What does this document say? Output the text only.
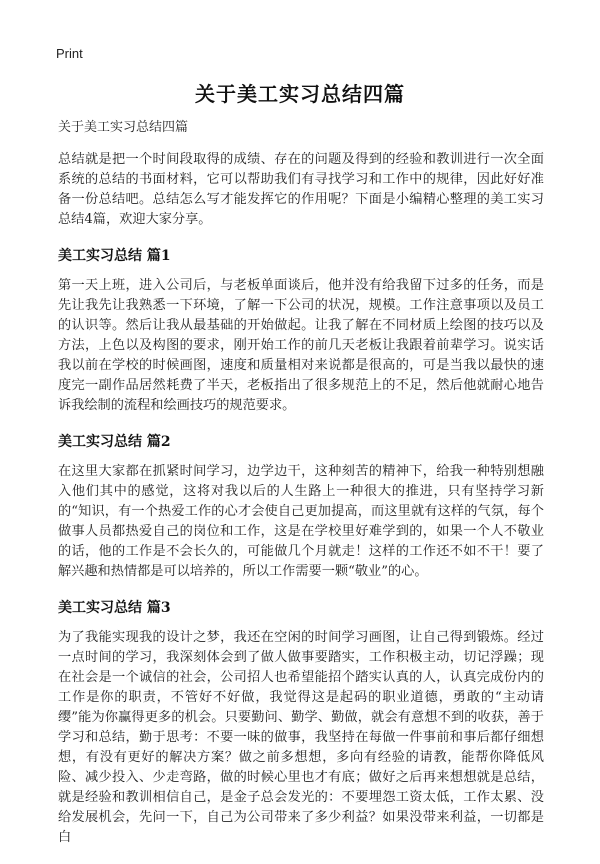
Print
关于美工实习总结四篇

关于美工实习总结四篇

总结就是把一个时间段取得的成绩、存在的问题及得到的经验和教训进行一次全面系统的总结的书面材料，它可以帮助我们有寻找学习和工作中的规律，因此好好准备一份总结吧。总结怎么写才能发挥它的作用呢？下面是小编精心整理的美工实习总结4篇，欢迎大家分享。

美工实习总结 篇1

第一天上班，进入公司后，与老板单面谈后，他并没有给我留下过多的任务，而是先让我先让我熟悉一下环境，了解一下公司的状况，规模。工作注意事项以及员工的认识等。然后让我从最基础的开始做起。让我了解在不同材质上绘图的技巧以及方法，上色以及构图的要求，刚开始工作的前几天老板让我跟着前辈学习。说实话我以前在学校的时候画图，速度和质量相对来说都是很高的，可是当我以最快的速度完一副作品居然耗费了半天，老板指出了很多规范上的不足，然后他就耐心地告诉我绘制的流程和绘画技巧的规范要求。

美工实习总结 篇2

在这里大家都在抓紧时间学习，边学边干，这种刻苦的精神下，给我一种特别想融入他们其中的感觉，这将对我以后的人生路上一种很大的推进，只有坚持学习新的“知识，有一个热爱工作的心才会使自己更加提高，而这里就有这样的气氛，每个做事人员都热爱自己的岗位和工作，这是在学校里好难学到的，如果一个人不敬业的话，他的工作是不会长久的，可能做几个月就走！这样的工作还不如不干！要了解兴趣和热情都是可以培养的，所以工作需要一颗“敬业”的心。

美工实习总结 篇3

为了我能实现我的设计之梦，我还在空闲的时间学习画图，让自己得到锻炼。经过一点时间的学习，我深刻体会到了做人做事要踏实，工作积极主动，切记浮躁；现在社会是一个诚信的社会，公司招人也希望能招个踏实认真的人，认真完成份内的工作是你的职责，不管好不好做，我觉得这是起码的职业道德，勇敢的“主动请缨”能为你赢得更多的机会。只要勤问、勤学、勤做，就会有意想不到的收获，善于学习和总结，勤于思考：不要一味的做事，我坚持在每做一件事前和事后都仔细想想，有没有更好的解决方案？做之前多想想，多向有经验的请教，能帮你降低风险、减少投入、少走弯路，做的时候心里也才有底；做好之后再来想想就是总结，就是经验和教训相信自己，是金子总会发光的：不要埋怨工资太低，工作太累、没给发展机会，先问一下，自己为公司带来了多少利益？如果没带来利益，一切都是白
